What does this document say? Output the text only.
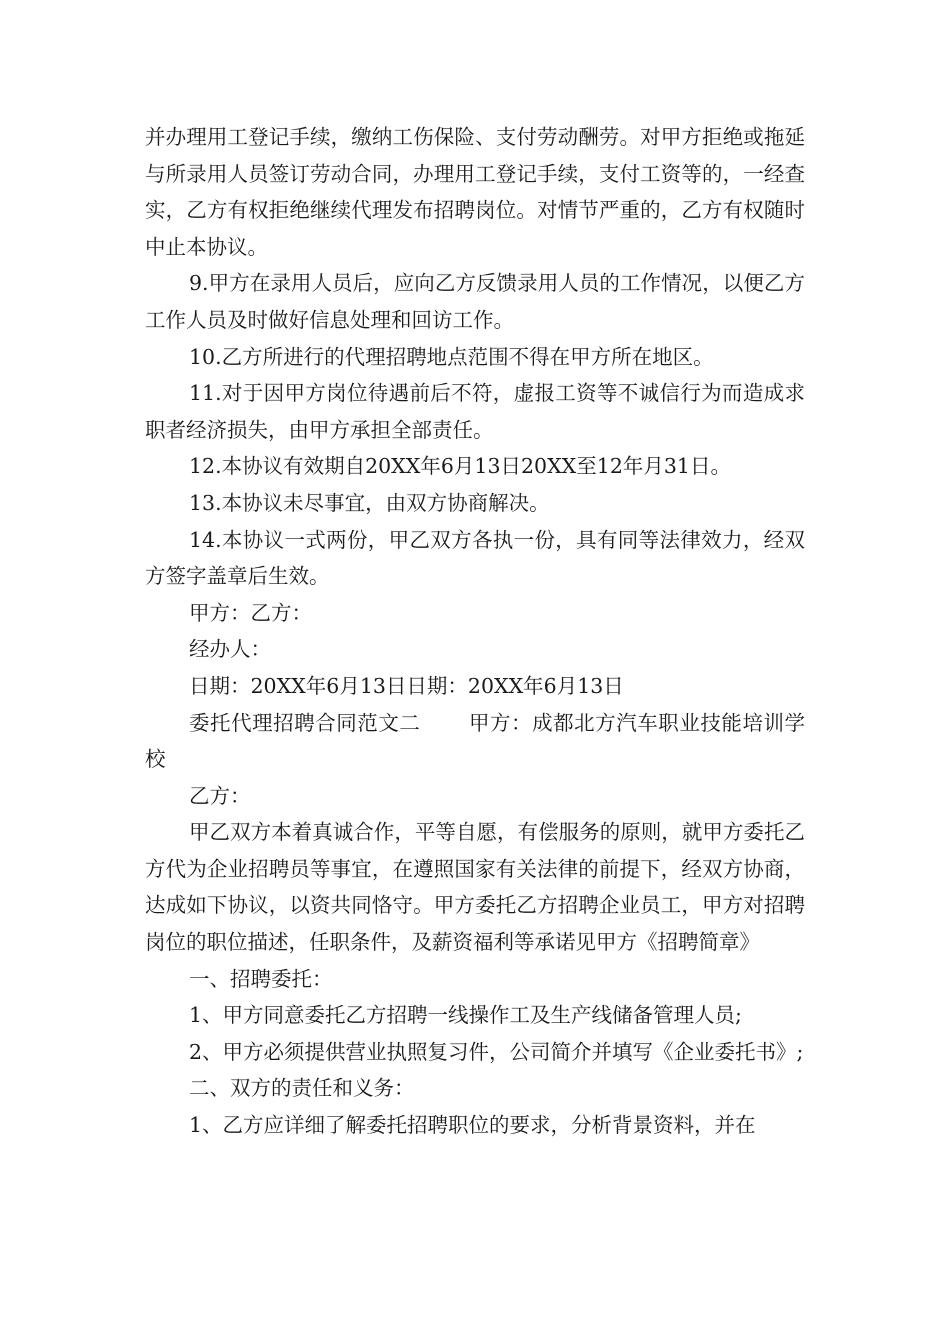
并办理用工登记手续，缴纳工伤保险、支付劳动酬劳。对甲方拒绝或拖延与所录用人员签订劳动合同，办理用工登记手续，支付工资等的，一经查实，乙方有权拒绝继续代理发布招聘岗位。对情节严重的，乙方有权随时中止本协议。

9.甲方在录用人员后，应向乙方反馈录用人员的工作情况，以便乙方工作人员及时做好信息处理和回访工作。

10.乙方所进行的代理招聘地点范围不得在甲方所在地区。

11.对于因甲方岗位待遇前后不符，虚报工资等不诚信行为而造成求职者经济损失，由甲方承担全部责任。

12.本协议有效期自20XX年6月13日20XX至12年月31日。

13.本协议未尽事宜，由双方协商解决。

14.本协议一式两份，甲乙双方各执一份，具有同等法律效力，经双方签字盖章后生效。

甲方：乙方：

经办人：

日期：20XX年6月13日日期：20XX年6月13日

委托代理招聘合同范文二 甲方：成都北方汽车职业技能培训学校

乙方：

甲乙双方本着真诚合作，平等自愿，有偿服务的原则，就甲方委托乙方代为企业招聘员等事宜，在遵照国家有关法律的前提下，经双方协商，达成如下协议，以资共同恪守。甲方委托乙方招聘企业员工，甲方对招聘岗位的职位描述，任职条件，及薪资福利等承诺见甲方《招聘简章》

一、招聘委托：

1、甲方同意委托乙方招聘一线操作工及生产线储备管理人员;

2、甲方必须提供营业执照复习件，公司简介并填写《企业委托书》;

二、双方的责任和义务：

1、乙方应详细了解委托招聘职位的要求，分析背景资料，并在
